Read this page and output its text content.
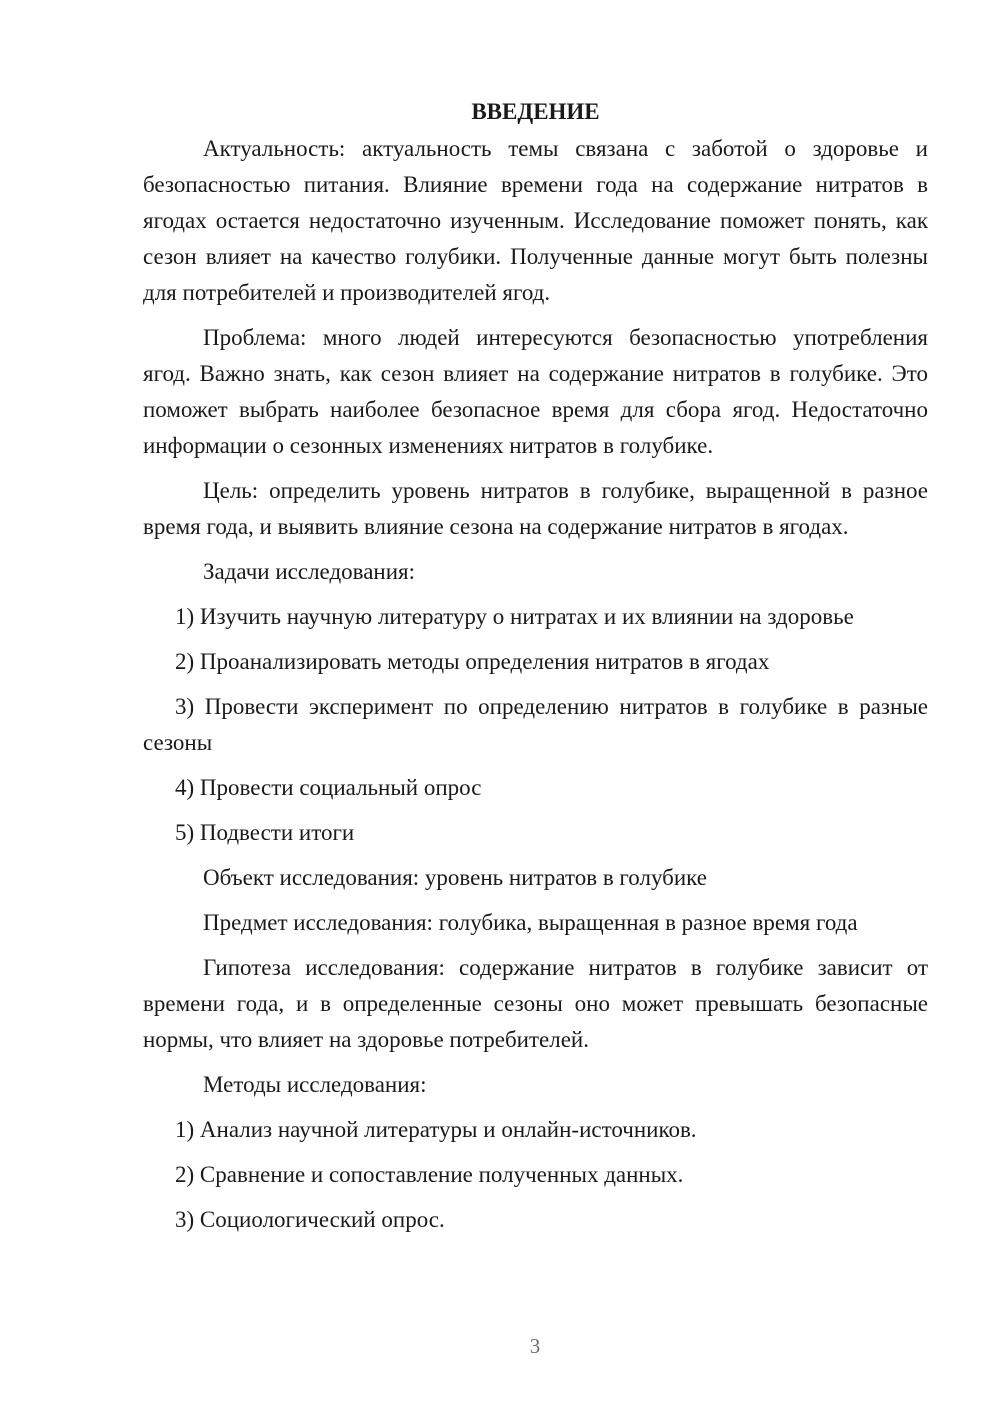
ВВЕДЕНИЕ

Актуальность: актуальность темы связана с заботой о здоровье и безопасностью питания. Влияние времени года на содержание нитратов в ягодах остается недостаточно изученным. Исследование поможет понять, как сезон влияет на качество голубики. Полученные данные могут быть полезны для потребителей и производителей ягод.

Проблема: много людей интересуются безопасностью употребления ягод. Важно знать, как сезон влияет на содержание нитратов в голубике. Это поможет выбрать наиболее безопасное время для сбора ягод. Недостаточно информации о сезонных изменениях нитратов в голубике.

Цель: определить уровень нитратов в голубике, выращенной в разное время года, и выявить влияние сезона на содержание нитратов в ягодах.

Задачи исследования:
1) Изучить научную литературу о нитратах и их влиянии на здоровье
2) Проанализировать методы определения нитратов в ягодах
3) Провести эксперимент по определению нитратов в голубике в разные сезоны
4) Провести социальный опрос
5) Подвести итоги
Объект исследования: уровень нитратов в голубике
Предмет исследования: голубика, выращенная в разное время года

Гипотеза исследования: содержание нитратов в голубике зависит от времени года, и в определенные сезоны оно может превышать безопасные нормы, что влияет на здоровье потребителей.

Методы исследования:
1) Анализ научной литературы и онлайн-источников.
2) Сравнение и сопоставление полученных данных.
3) Социологический опрос.
3
